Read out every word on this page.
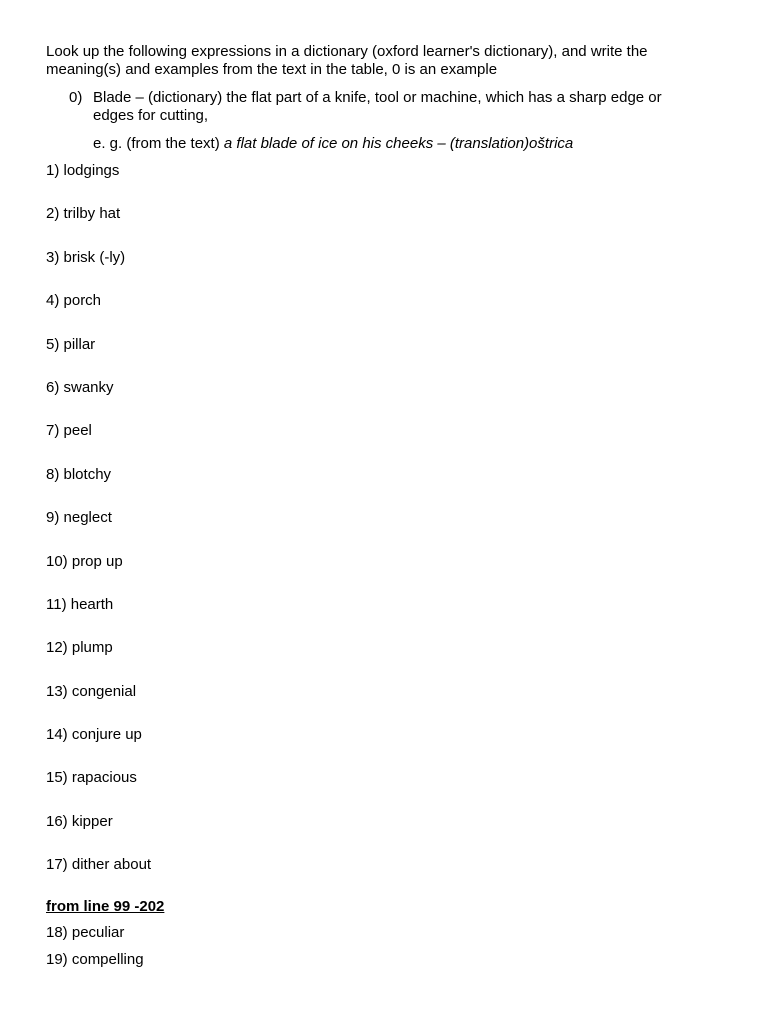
Look up the following expressions in a dictionary (oxford learner's dictionary), and write the meaning(s) and examples from the text in the table, 0 is an example

0) Blade – (dictionary) the flat part of a knife, tool or machine, which has a sharp edge or edges for cutting,
e. g. (from the text) a flat blade of ice on his cheeks – (translation)oštrica
1) lodgings
2) trilby hat
3) brisk (-ly)
4) porch
5) pillar
6) swanky
7) peel
8) blotchy
9) neglect
10) prop up
11) hearth
12) plump
13) congenial
14) conjure up
15) rapacious
16) kipper
17) dither about

from line 99 -202

18) peculiar
19) compelling
